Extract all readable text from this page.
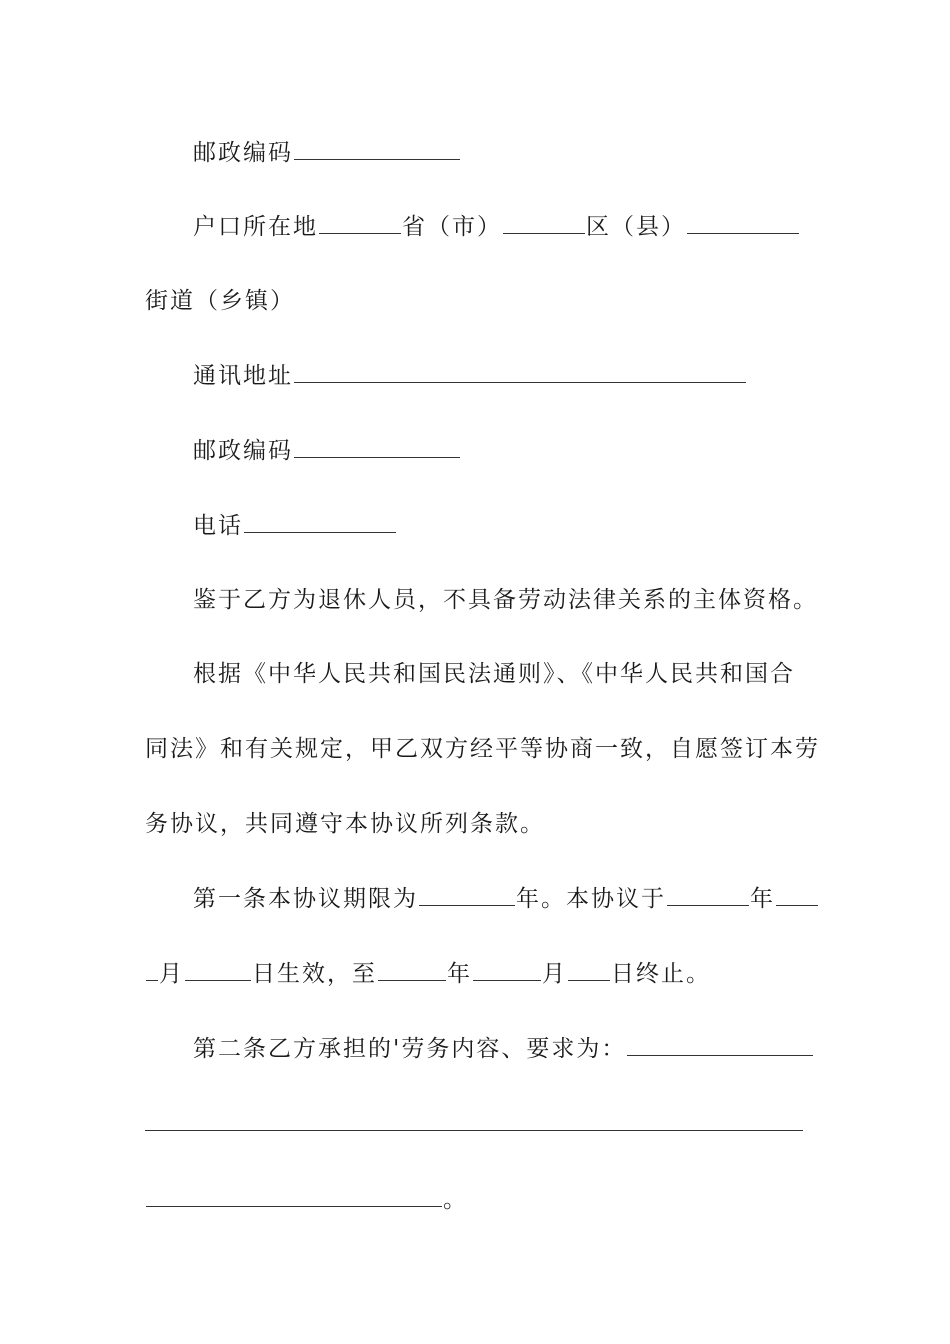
邮政编码
户口所在地	省（市）	区（县）
街道（乡镇）
通讯地址
邮政编码
电话
鉴于乙方为退休人员，不具备劳动法律关系的主体资格。
根据《中华人民共和国民法通则》、《中华人民共和国合
同法》和有关规定，甲乙双方经平等协商一致，自愿签订本劳
务协议，共同遵守本协议所列条款。
第一条本协议期限为	年。本协议于	年
月	日生效，至	年	月 日终止。
第二条乙方承担的'劳务内容、要求为：
。
